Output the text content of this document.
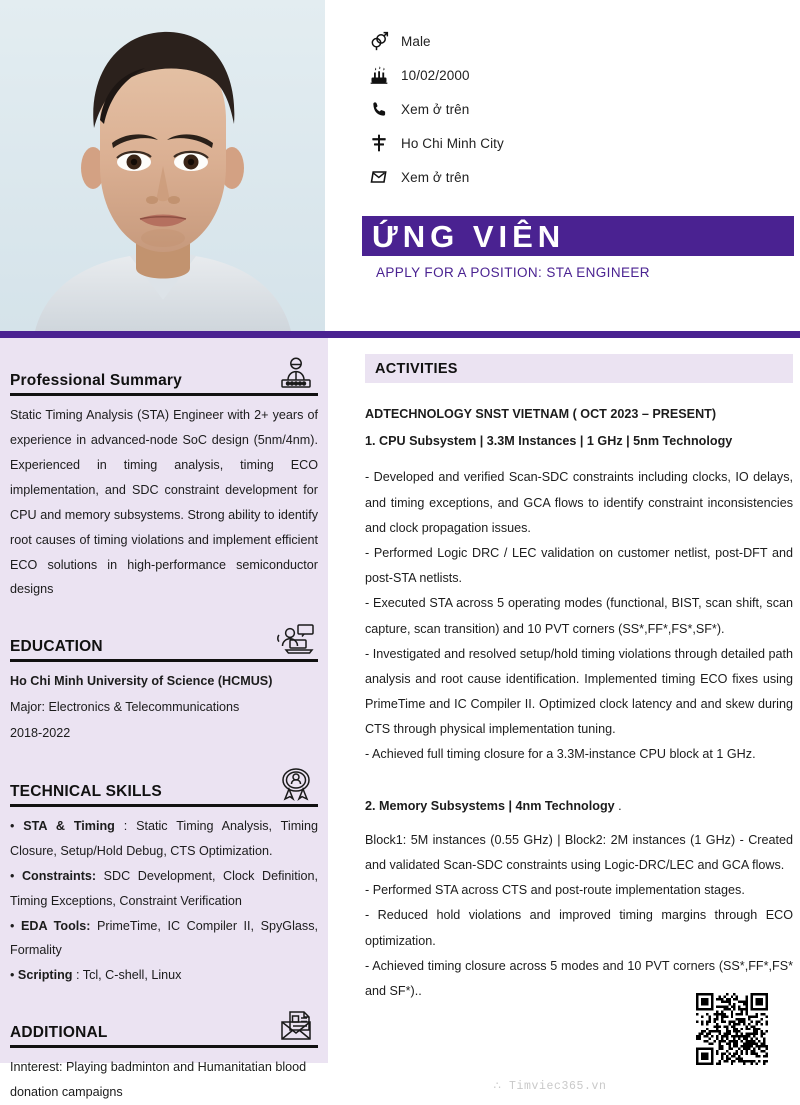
Male
10/02/2000
Xem ở trên
Ho Chi Minh City
Xem ở trên
ỨNG VIÊN
APPLY FOR A POSITION: STA ENGINEER
Professional Summary
Static Timing Analysis (STA) Engineer with 2+ years of experience in advanced-node SoC design (5nm/4nm). Experienced in timing analysis, timing ECO implementation, and SDC constraint development for CPU and memory subsystems. Strong ability to identify root causes of timing violations and implement efficient ECO solutions in high-performance semiconductor designs
EDUCATION
Ho Chi Minh University of Science (HCMUS)
Major: Electronics & Telecommunications
2018-2022
TECHNICAL SKILLS
• STA & Timing : Static Timing Analysis, Timing Closure, Setup/Hold Debug, CTS Optimization.
• Constraints: SDC Development, Clock Definition, Timing Exceptions, Constraint Verification
• EDA Tools: PrimeTime, IC Compiler II, SpyGlass, Formality
• Scripting : Tcl, C-shell, Linux
ADDITIONAL
Innterest: Playing badminton and Humanitatian blood donation campaigns
ACTIVITIES
ADTECHNOLOGY SNST VIETNAM ( OCT 2023 – PRESENT)
1. CPU Subsystem | 3.3M Instances | 1 GHz | 5nm Technology

- Developed and verified Scan-SDC constraints including clocks, IO delays, and timing exceptions, and GCA flows to identify constraint inconsistencies and clock propagation issues.

- Performed Logic DRC / LEC validation on customer netlist, post-DFT and post-STA netlists.

- Executed STA across 5 operating modes (functional, BIST, scan shift, scan capture, scan transition) and 10 PVT corners (SS*,FF*,FS*,SF*).

- Investigated and resolved setup/hold timing violations through detailed path analysis and root cause identification. Implemented timing ECO fixes using PrimeTime and IC Compiler II. Optimized clock latency and and skew during CTS through physical implementation tuning.

- Achieved full timing closure for a 3.3M-instance CPU block at 1 GHz.

2. Memory Subsystems | 4nm Technology .

Block1: 5M instances (0.55 GHz) | Block2: 2M instances (1 GHz) - Created and validated Scan-SDC constraints using Logic-DRC/LEC and GCA flows.

- Performed STA across CTS and post-route implementation stages.

- Reduced hold violations and improved timing margins through ECO optimization.

- Achieved timing closure across 5 modes and 10 PVT corners (SS*,FF*,FS* and SF*)..

∴ Timviec365.vn
